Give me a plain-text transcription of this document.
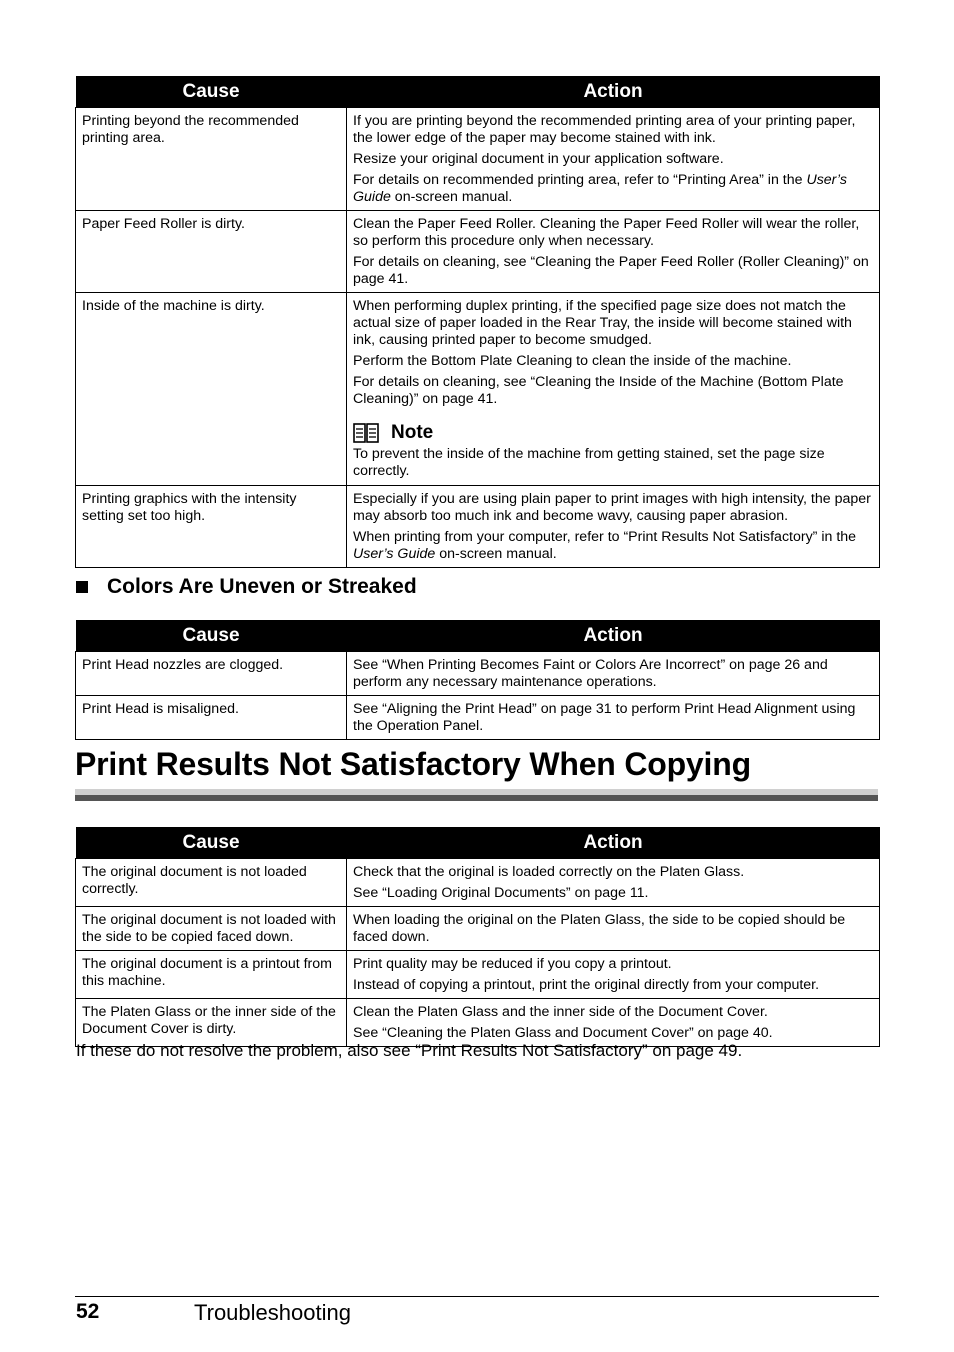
Cause	Action
Printing beyond the recommended printing area.	If you are printing beyond the recommended printing area of your printing paper, the lower edge of the paper may become stained with ink.

Resize your original document in your application software.

For details on recommended printing area, refer to “Printing Area” in the User’s Guide on-screen manual.

Paper Feed Roller is dirty.	Clean the Paper Feed Roller. Cleaning the Paper Feed Roller will wear the roller, so perform this procedure only when necessary.

For details on cleaning, see “Cleaning the Paper Feed Roller (Roller Cleaning)” on page 41.

Inside of the machine is dirty.	When performing duplex printing, if the specified page size does not match the actual size of paper loaded in the Rear Tray, the inside will become stained with ink, causing printed paper to become smudged.

Perform the Bottom Plate Cleaning to clean the inside of the machine.

For details on cleaning, see “Cleaning the Inside of the Machine (Bottom Plate Cleaning)” on page 41.

Note

To prevent the inside of the machine from getting stained, set the page size correctly.

Printing graphics with the intensity setting set too high.	Especially if you are using plain paper to print images with high intensity, the paper may absorb too much ink and become wavy, causing paper abrasion.

When printing from your computer, refer to “Print Results Not Satisfactory” in the User’s Guide on-screen manual.

Colors Are Uneven or Streaked
Cause	Action
Print Head nozzles are clogged.	See “When Printing Becomes Faint or Colors Are Incorrect” on page 26 and perform any necessary maintenance operations.
Print Head is misaligned.	See “Aligning the Print Head” on page 31 to perform Print Head Alignment using the Operation Panel.
Print Results Not Satisfactory When Copying
Cause	Action
The original document is not loaded correctly.	Check that the original is loaded correctly on the Platen Glass.

See “Loading Original Documents” on page 11.

The original document is not loaded with the side to be copied faced down.	When loading the original on the Platen Glass, the side to be copied should be faced down.

The original document is a printout from this machine.	Print quality may be reduced if you copy a printout.

Instead of copying a printout, print the original directly from your computer.

The Platen Glass or the inner side of the Document Cover is dirty.	Clean the Platen Glass and the inner side of the Document Cover.

See “Cleaning the Platen Glass and Document Cover” on page 40.

If these do not resolve the problem, also see “Print Results Not Satisfactory” on page 49.
52	Troubleshooting
